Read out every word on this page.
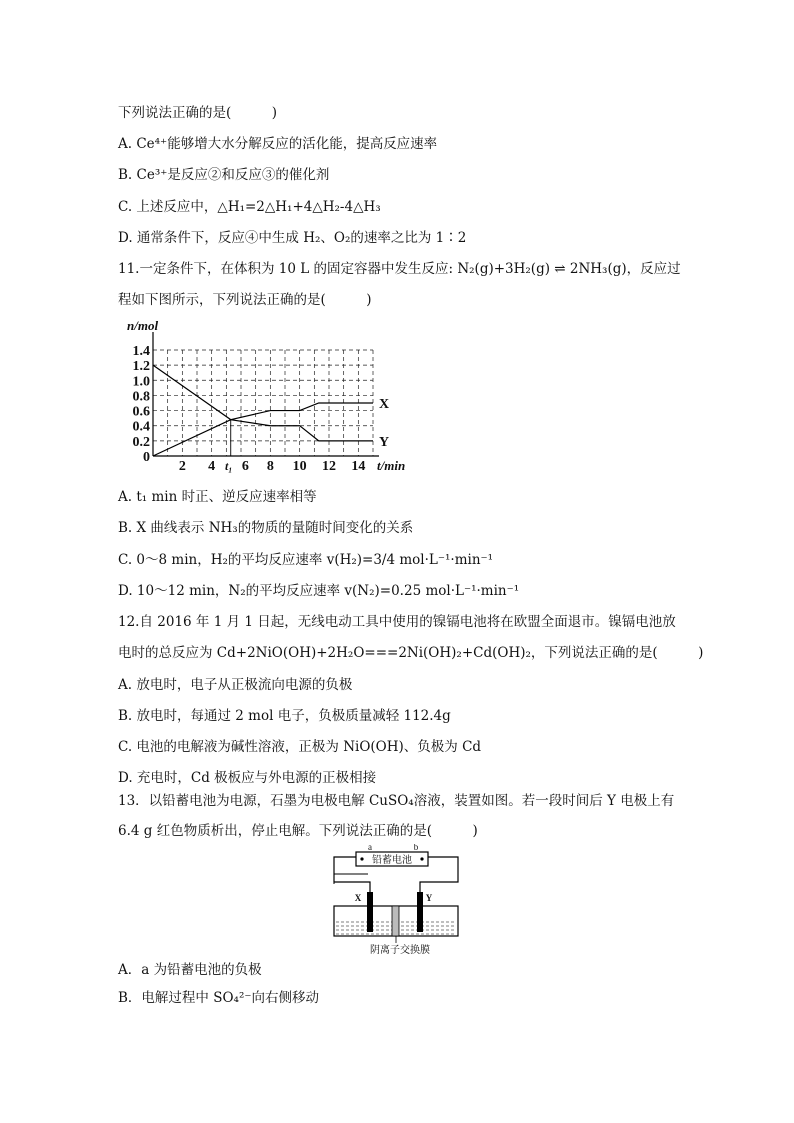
下列说法正确的是(　　　)
A. Ce⁴⁺能够增大水分解反应的活化能，提高反应速率
B. Ce³⁺是反应②和反应③的催化剂
C. 上述反应中，△H₁=2△H₁+4△H₂-4△H₃
D. 通常条件下，反应④中生成 H₂、O₂的速率之比为 1∶2
11.一定条件下，在体积为 10 L 的固定容器中发生反应: N₂(g)+3H₂(g) ⇌ 2NH₃(g)，反应过
程如下图所示，下列说法正确的是(　　　)
0
0.2
0.4
0.6
0.8
1.0
1.2
1.4
2 4 t₁ 6 8 10 12 14
n/mol
t/min
X
Y
A. t₁ min 时正、逆反应速率相等
B. X 曲线表示 NH₃的物质的量随时间变化的关系
C. 0～8 min，H₂的平均反应速率 v(H₂)=3/4 mol·L⁻¹·min⁻¹
D. 10～12 min，N₂的平均反应速率 v(N₂)=0.25 mol·L⁻¹·min⁻¹
12.自 2016 年 1 月 1 日起，无线电动工具中使用的镍镉电池将在欧盟全面退市。镍镉电池放
电时的总反应为 Cd+2NiO(OH)+2H₂O===2Ni(OH)₂+Cd(OH)₂，下列说法正确的是(　　　)
A. 放电时，电子从正极流向电源的负极
B. 放电时，每通过 2 mol 电子，负极质量减轻 112.4g
C. 电池的电解液为碱性溶液，正极为 NiO(OH)、负极为 Cd
D. 充电时，Cd 极板应与外电源的正极相接
13．以铅蓄电池为电源，石墨为电极电解 CuSO₄溶液，装置如图。若一段时间后 Y 电极上有
6.4 g 红色物质析出，停止电解。下列说法正确的是(　　　)
铅蓄电池
a	b
X	Y
阴离子交换膜
A．a 为铅蓄电池的负极
B．电解过程中 SO₄²⁻向右侧移动
